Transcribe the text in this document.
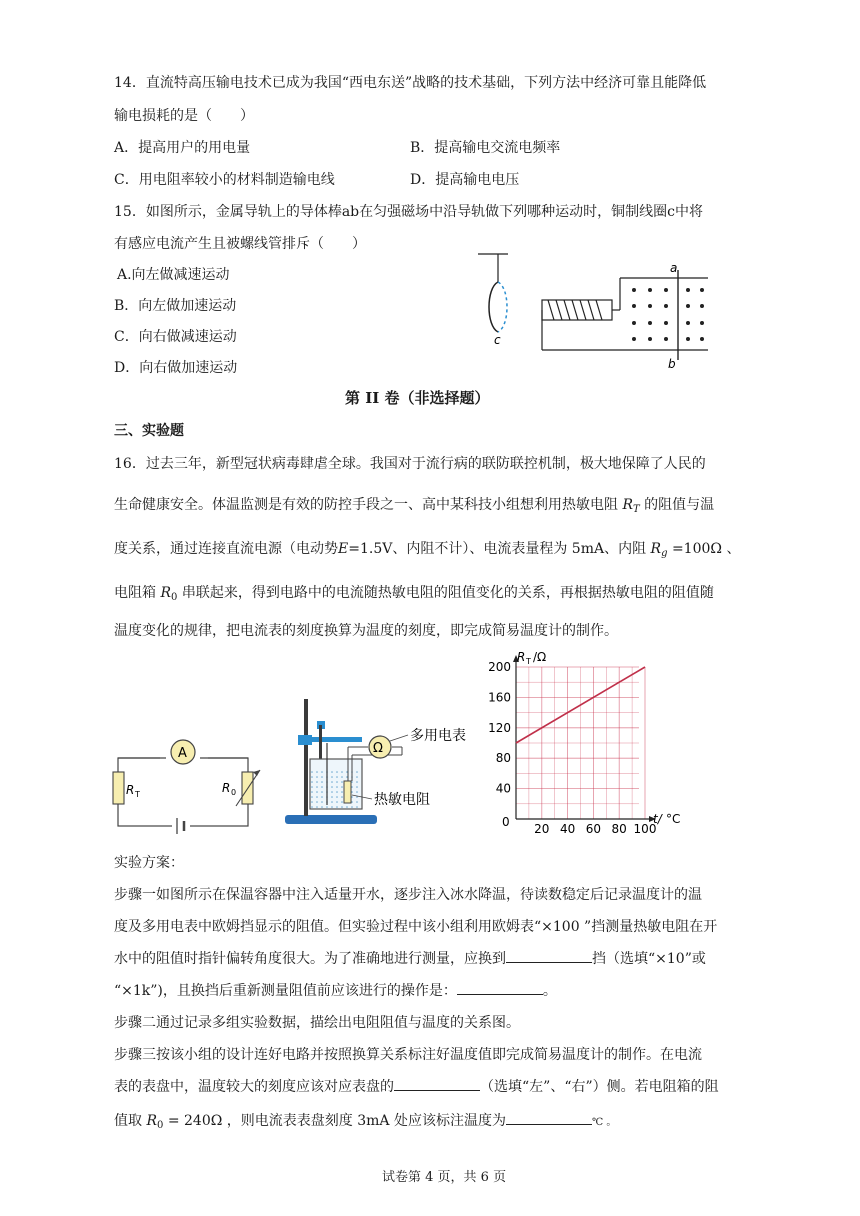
14．直流特高压输电技术已成为我国“西电东送”战略的技术基础，下列方法中经济可靠且能降低
输电损耗的是（　　）
A．提高用户的用电量	B．提高输电交流电频率
C．用电阻率较小的材料制造输电线	D．提高输电电压
15．如图所示，金属导轨上的导体棒ab在匀强磁场中沿导轨做下列哪种运动时，铜制线圈c中将
有感应电流产生且被螺线管排斥（　　）
A.向左做减速运动
B．向左做加速运动
C．向右做减速运动
D．向右做加速运动
c
a
b
第 II 卷（非选择题）
三、实验题
16．过去三年，新型冠状病毒肆虐全球。我国对于流行病的联防联控机制，极大地保障了人民的
生命健康安全。体温监测是有效的防控手段之一、高中某科技小组想利用热敏电阻 $R_T$ 的阻值与温
度关系，通过连接直流电源（电动势E=1.5V、内阻不计）、电流表量程为 5mA、内阻 $R_g =100\Omega$ 、
电阻箱 $R_0$ 串联起来，得到电路中的电流随热敏电阻的阻值变化的关系，再根据热敏电阻的阻值随
温度变化的规律，把电流表的刻度换算为温度的刻度，即完成简易温度计的制作。
A
R T	R 0
Ω
多用电表
热敏电阻
20 40 60 80 100
40
80
120
160
200
R T /Ω
t/ °C
0
实验方案：
步骤一如图所示在保温容器中注入适量开水，逐步注入冰水降温，待读数稳定后记录温度计的温
度及多用电表中欧姆挡显示的阻值。但实验过程中该小组利用欧姆表“×100 ”挡测量热敏电阻在开
水中的阻值时指针偏转角度很大。为了准确地进行测量，应换到	挡（选填“×10”或
“×1k”)，且换挡后重新测量阻值前应该进行的操作是：	。
步骤二通过记录多组实验数据，描绘出电阻阻值与温度的关系图。
步骤三按该小组的设计连好电路并按照换算关系标注好温度值即完成简易温度计的制作。在电流
表的表盘中，温度较大的刻度应该对应表盘的	（选填“左”、“右”）侧。若电阻箱的阻
值取 $R_0 = 240\Omega$ ，则电流表表盘刻度 3mA 处应该标注温度为	℃ 。
试卷第 4 页，共 6 页
